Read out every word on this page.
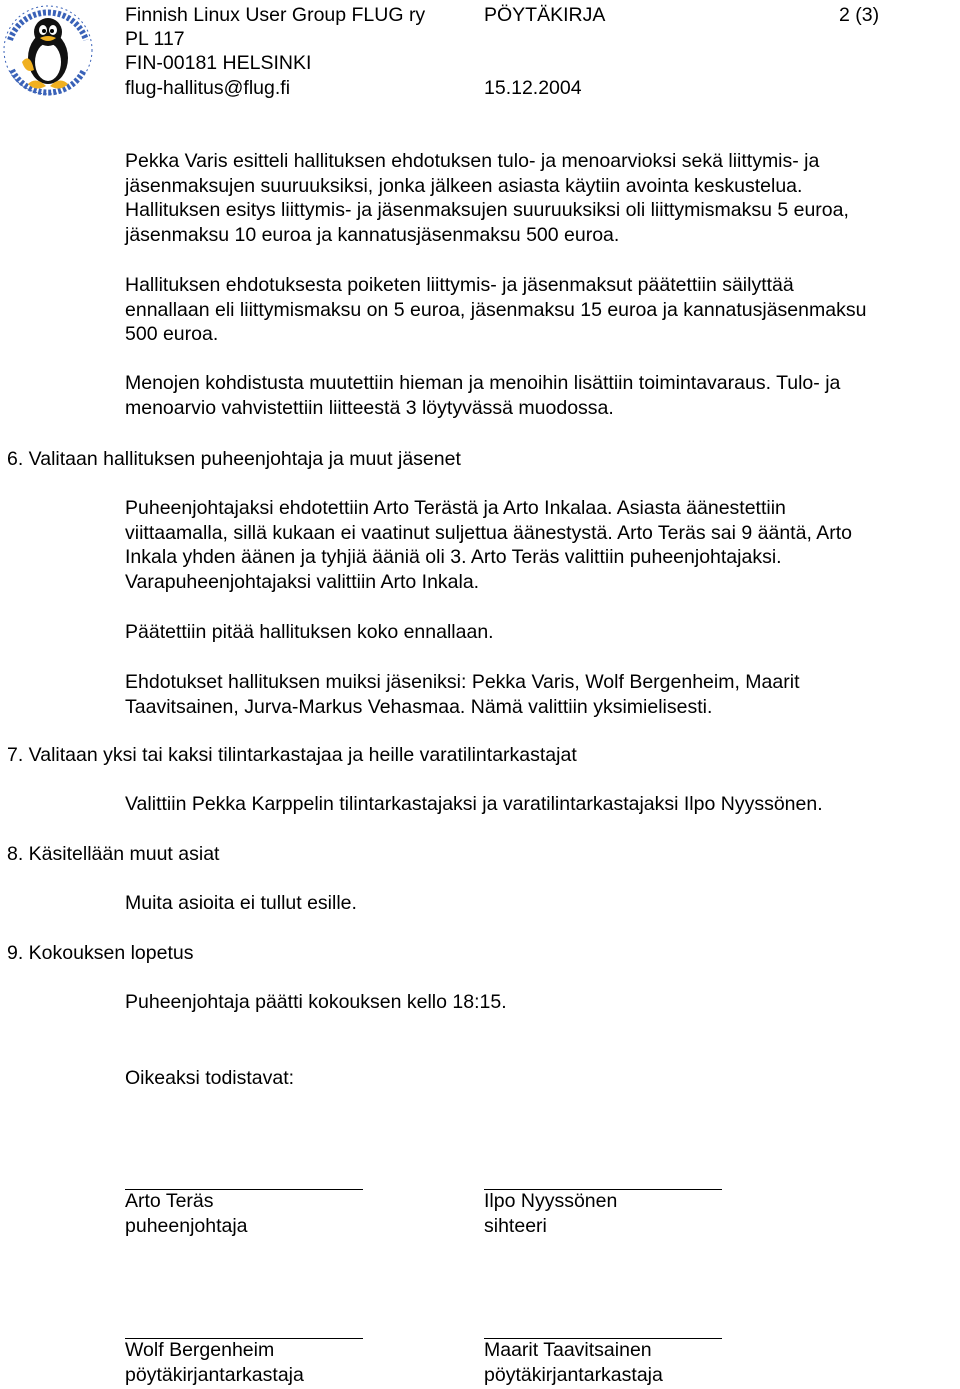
Finnish Linux User Group FLUG ry
PL 117
FIN-00181 HELSINKI
flug-hallitus@flug.fi
PÖYTÄKIRJA	2 (3)
15.12.2004
Pekka Varis esitteli hallituksen ehdotuksen tulo- ja menoarvioksi sekä liittymis- ja
jäsenmaksujen suuruuksiksi, jonka jälkeen asiasta käytiin avointa keskustelua.
Hallituksen esitys liittymis- ja jäsenmaksujen suuruuksiksi oli liittymismaksu 5 euroa,
jäsenmaksu 10 euroa ja kannatusjäsenmaksu 500 euroa.
Hallituksen ehdotuksesta poiketen liittymis- ja jäsenmaksut päätettiin säilyttää
ennallaan eli liittymismaksu on 5 euroa, jäsenmaksu 15 euroa ja kannatusjäsenmaksu
500 euroa.
Menojen kohdistusta muutettiin hieman ja menoihin lisättiin toimintavaraus. Tulo- ja
menoarvio vahvistettiin liitteestä 3 löytyvässä muodossa.
6. Valitaan hallituksen puheenjohtaja ja muut jäsenet
Puheenjohtajaksi ehdotettiin Arto Terästä ja Arto Inkalaa. Asiasta äänestettiin
viittaamalla, sillä kukaan ei vaatinut suljettua äänestystä. Arto Teräs sai 9 ääntä, Arto
Inkala yhden äänen ja tyhjiä ääniä oli 3. Arto Teräs valittiin puheenjohtajaksi.
Varapuheenjohtajaksi valittiin Arto Inkala.
Päätettiin pitää hallituksen koko ennallaan.
Ehdotukset hallituksen muiksi jäseniksi: Pekka Varis, Wolf Bergenheim, Maarit
Taavitsainen, Jurva-Markus Vehasmaa. Nämä valittiin yksimielisesti.
7. Valitaan yksi tai kaksi tilintarkastajaa ja heille varatilintarkastajat
Valittiin Pekka Karppelin tilintarkastajaksi ja varatilintarkastajaksi Ilpo Nyyssönen.
8. Käsitellään muut asiat
Muita asioita ei tullut esille.
9. Kokouksen lopetus
Puheenjohtaja päätti kokouksen kello 18:15.
Oikeaksi todistavat:
Arto Teräs
puheenjohtaja
Ilpo Nyyssönen
sihteeri
Wolf Bergenheim
pöytäkirjantarkastaja
Maarit Taavitsainen
pöytäkirjantarkastaja
